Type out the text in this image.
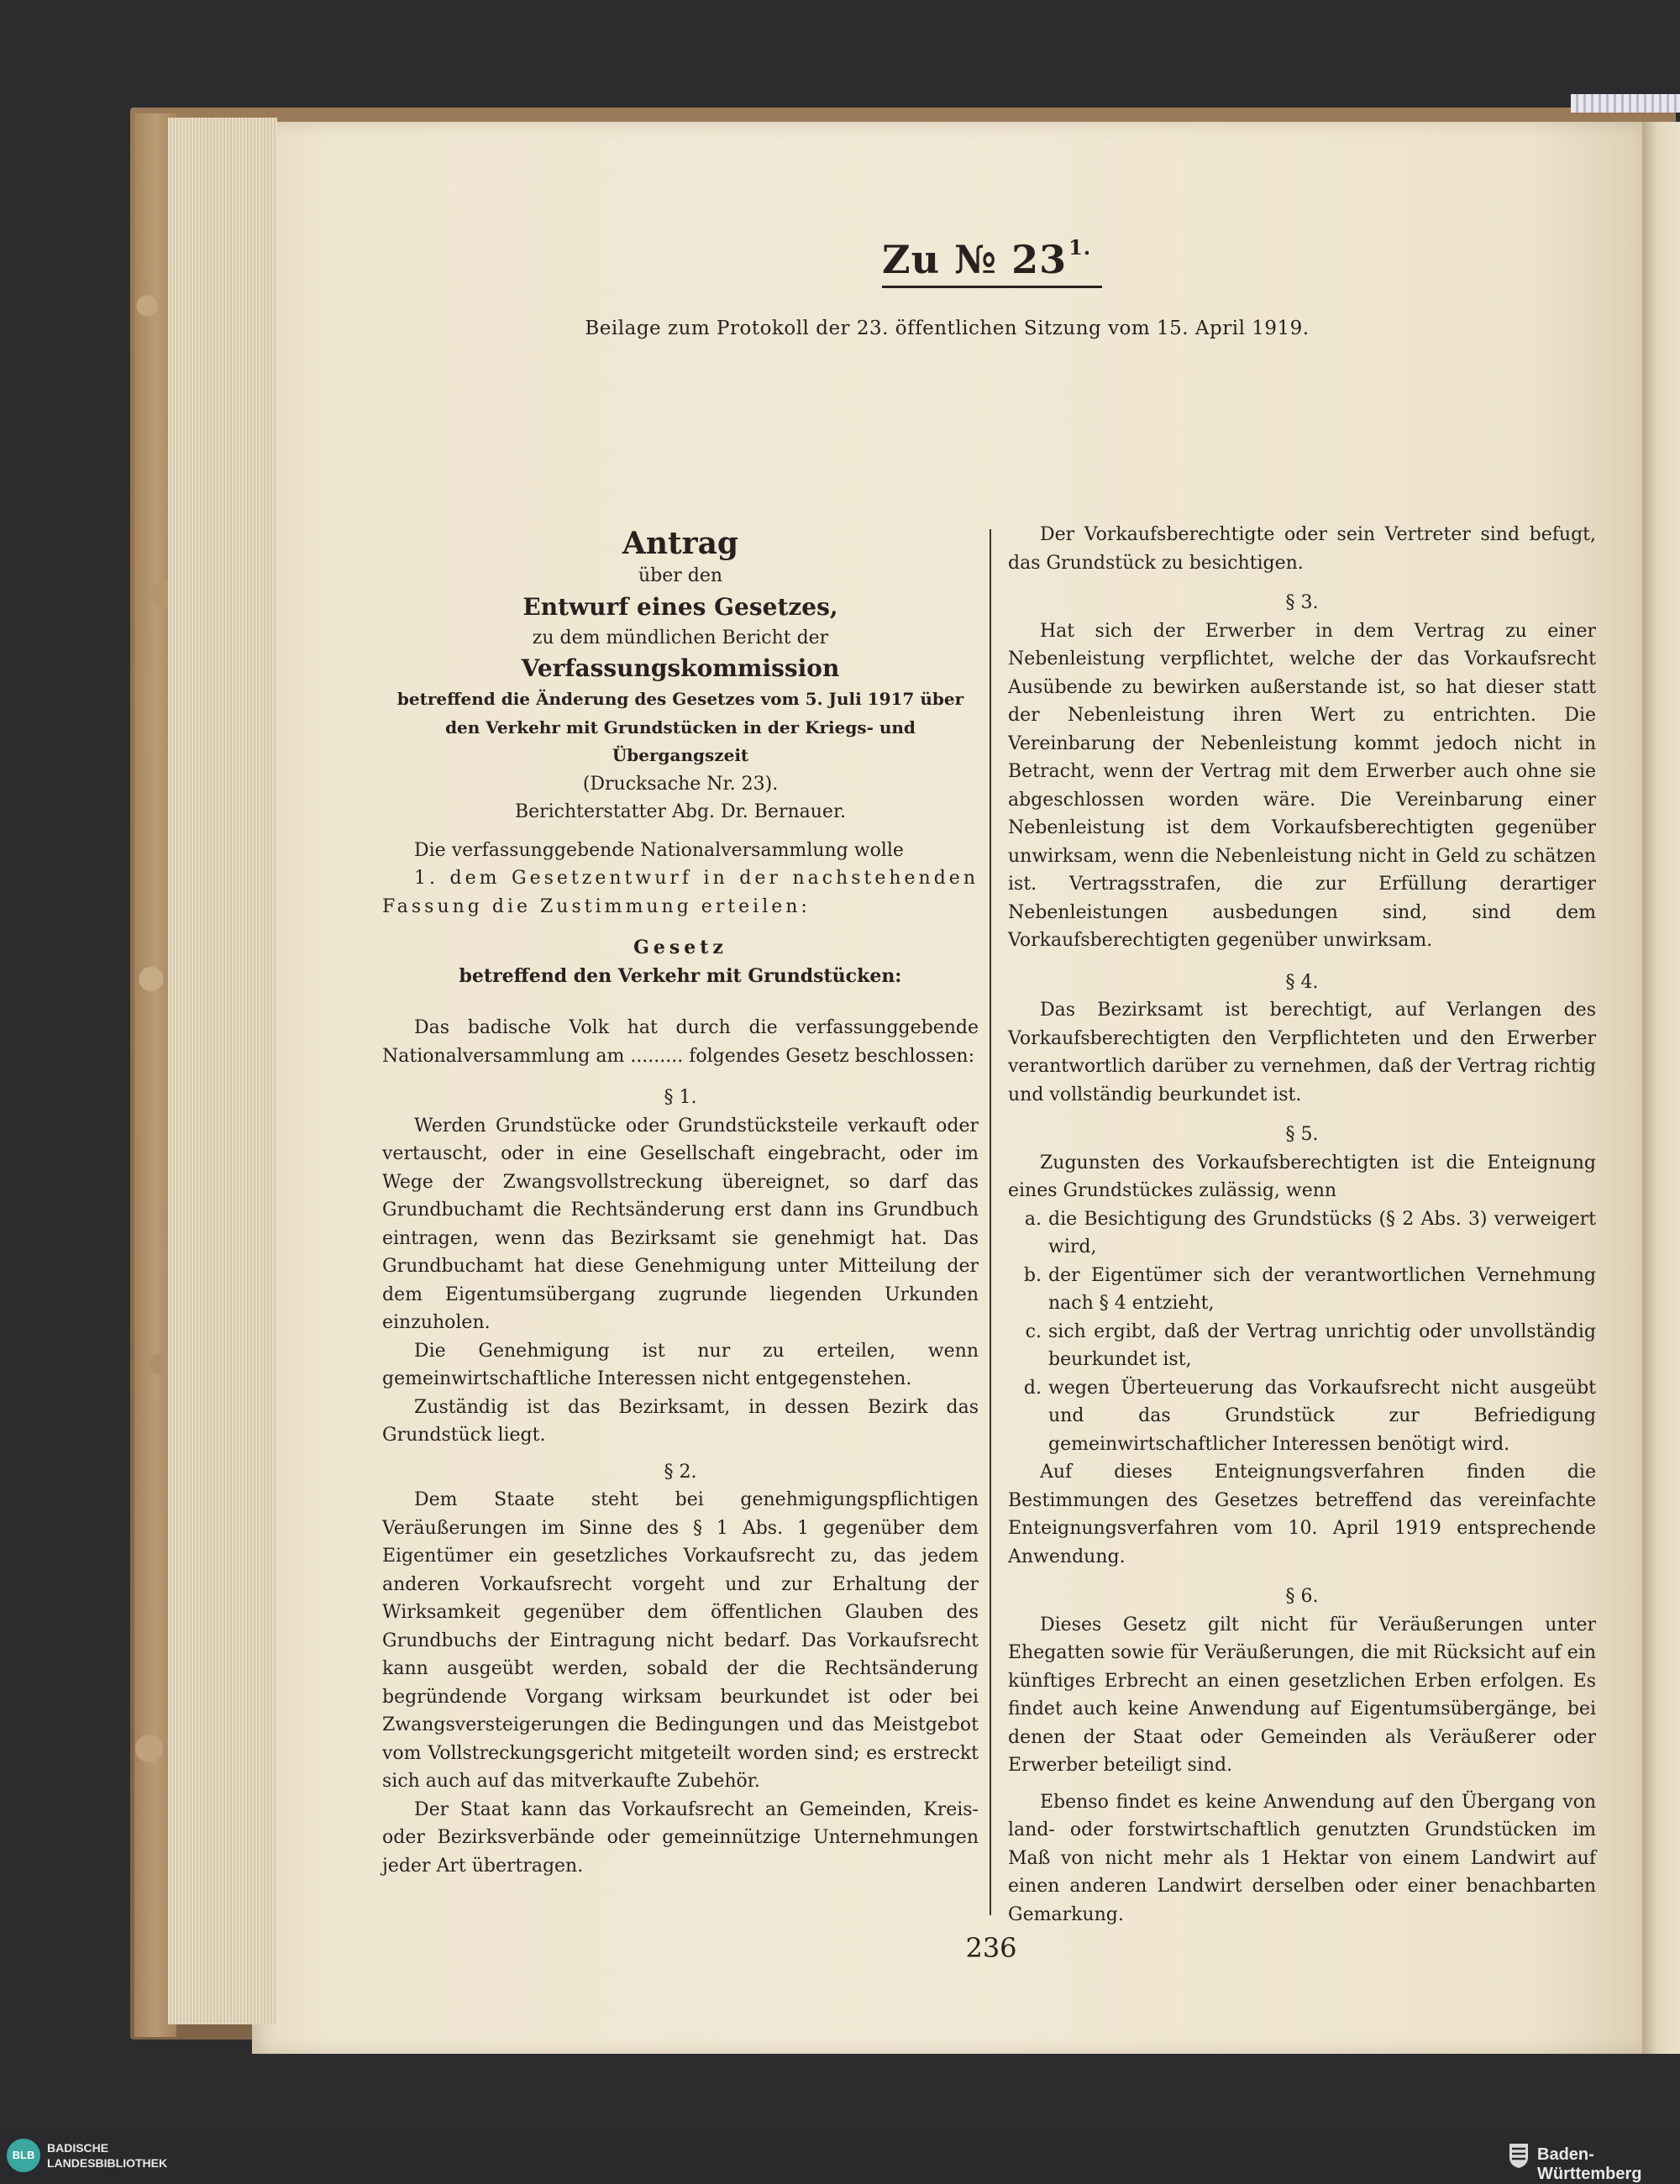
Zu № $23^{1.}$
Beilage zum Protokoll der 23. öffentlichen Sitzung vom 15. April 1919.

Antrag

über den

Entwurf eines Gesetzes,

zu dem mündlichen Bericht der

Verfassungskommission

betreffend die Änderung des Gesetzes vom 5. Juli 1917 über

den Verkehr mit Grundstücken in der Kriegs- und Übergangszeit

(Drucksache Nr. 23).

Berichterstatter Abg. Dr. Bernauer.

Die verfassunggebende Nationalversammlung wolle

1. dem Gesetzentwurf in der nachstehenden Fassung die Zustimmung erteilen:

Gesetz

betreffend den Verkehr mit Grundstücken:

Das badische Volk hat durch die verfassunggebende Nationalversammlung am ......... folgendes Gesetz beschlossen:

§ 1.

Werden Grundstücke oder Grundstücksteile verkauft oder vertauscht, oder in eine Gesellschaft eingebracht, oder im Wege der Zwangsvollstreckung übereignet, so darf das Grundbuchamt die Rechtsänderung erst dann ins Grundbuch eintragen, wenn das Bezirksamt sie genehmigt hat. Das Grundbuchamt hat diese Genehmigung unter Mitteilung der dem Eigentumsübergang zugrunde liegenden Urkunden einzuholen.

Die Genehmigung ist nur zu erteilen, wenn gemeinwirtschaftliche Interessen nicht entgegenstehen.

Zuständig ist das Bezirksamt, in dessen Bezirk das Grundstück liegt.

§ 2.

Dem Staate steht bei genehmigungspflichtigen Veräußerungen im Sinne des § 1 Abs. 1 gegenüber dem Eigentümer ein gesetzliches Vorkaufsrecht zu, das jedem anderen Vorkaufsrecht vorgeht und zur Erhaltung der Wirksamkeit gegenüber dem öffentlichen Glauben des Grundbuchs der Eintragung nicht bedarf. Das Vorkaufsrecht kann ausgeübt werden, sobald der die Rechtsänderung begründende Vorgang wirksam beurkundet ist oder bei Zwangsversteigerungen die Bedingungen und das Meistgebot vom Vollstreckungsgericht mitgeteilt worden sind; es erstreckt sich auch auf das mitverkaufte Zubehör.

Der Staat kann das Vorkaufsrecht an Gemeinden, Kreis- oder Bezirksverbände oder gemeinnützige Unternehmungen jeder Art übertragen.

Der Vorkaufsberechtigte oder sein Vertreter sind befugt, das Grundstück zu besichtigen.

§ 3.

Hat sich der Erwerber in dem Vertrag zu einer Nebenleistung verpflichtet, welche der das Vorkaufsrecht Ausübende zu bewirken außerstande ist, so hat dieser statt der Nebenleistung ihren Wert zu entrichten. Die Vereinbarung der Nebenleistung kommt jedoch nicht in Betracht, wenn der Vertrag mit dem Erwerber auch ohne sie abgeschlossen worden wäre. Die Vereinbarung einer Nebenleistung ist dem Vorkaufsberechtigten gegenüber unwirksam, wenn die Nebenleistung nicht in Geld zu schätzen ist. Vertragsstrafen, die zur Erfüllung derartiger Nebenleistungen ausbedungen sind, sind dem Vorkaufsberechtigten gegenüber unwirksam.

§ 4.

Das Bezirksamt ist berechtigt, auf Verlangen des Vorkaufsberechtigten den Verpflichteten und den Erwerber verantwortlich darüber zu vernehmen, daß der Vertrag richtig und vollständig beurkundet ist.

§ 5.

Zugunsten des Vorkaufsberechtigten ist die Enteignung eines Grundstückes zulässig, wenn

a. die Besichtigung des Grundstücks (§ 2 Abs. 3) verweigert wird,
b. der Eigentümer sich der verantwortlichen Vernehmung nach § 4 entzieht,
c. sich ergibt, daß der Vertrag unrichtig oder unvollständig beurkundet ist,
d. wegen Überteuerung das Vorkaufsrecht nicht ausgeübt und das Grundstück zur Befriedigung gemeinwirtschaftlicher Interessen benötigt wird.

Auf dieses Enteignungsverfahren finden die Bestimmungen des Gesetzes betreffend das vereinfachte Enteignungsverfahren vom 10. April 1919 entsprechende Anwendung.

§ 6.

Dieses Gesetz gilt nicht für Veräußerungen unter Ehegatten sowie für Veräußerungen, die mit Rücksicht auf ein künftiges Erbrecht an einen gesetzlichen Erben erfolgen. Es findet auch keine Anwendung auf Eigentumsübergänge, bei denen der Staat oder Gemeinden als Veräußerer oder Erwerber beteiligt sind.

Ebenso findet es keine Anwendung auf den Übergang von land- oder forstwirtschaftlich genutzten Grundstücken im Maß von nicht mehr als 1 Hektar von einem Landwirt auf einen anderen Landwirt derselben oder einer benachbarten Gemarkung.

236
BLB
BADISCHE
LANDESBIBLIOTHEK	Baden-Württemberg
